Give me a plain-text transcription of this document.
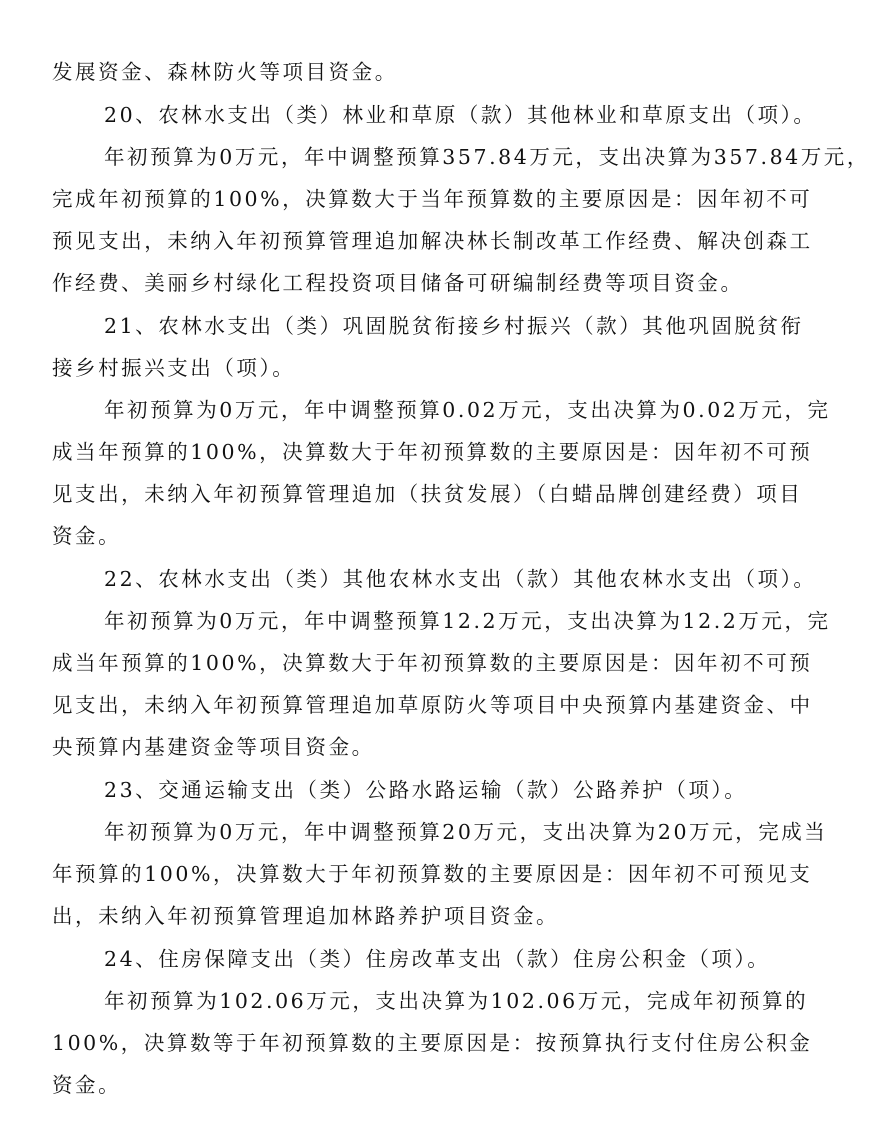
发展资金、森林防火等项目资金。
20、农林水支出（类）林业和草原（款）其他林业和草原支出（项）。
年初预算为0万元，年中调整预算357.84万元，支出决算为357.84万元，
完成年初预算的100%，决算数大于当年预算数的主要原因是：因年初不可
预见支出，未纳入年初预算管理追加解决林长制改革工作经费、解决创森工
作经费、美丽乡村绿化工程投资项目储备可研编制经费等项目资金。
21、农林水支出（类）巩固脱贫衔接乡村振兴（款）其他巩固脱贫衔
接乡村振兴支出（项）。
年初预算为0万元，年中调整预算0.02万元，支出决算为0.02万元，完
成当年预算的100%，决算数大于年初预算数的主要原因是：因年初不可预
见支出，未纳入年初预算管理追加（扶贫发展）（白蜡品牌创建经费）项目
资金。
22、农林水支出（类）其他农林水支出（款）其他农林水支出（项）。
年初预算为0万元，年中调整预算12.2万元，支出决算为12.2万元，完
成当年预算的100%，决算数大于年初预算数的主要原因是：因年初不可预
见支出，未纳入年初预算管理追加草原防火等项目中央预算内基建资金、中
央预算内基建资金等项目资金。
23、交通运输支出（类）公路水路运输（款）公路养护（项）。
年初预算为0万元，年中调整预算20万元，支出决算为20万元，完成当
年预算的100%，决算数大于年初预算数的主要原因是：因年初不可预见支
出，未纳入年初预算管理追加林路养护项目资金。
24、住房保障支出（类）住房改革支出（款）住房公积金（项）。
年初预算为102.06万元，支出决算为102.06万元，完成年初预算的
100%，决算数等于年初预算数的主要原因是：按预算执行支付住房公积金
资金。
